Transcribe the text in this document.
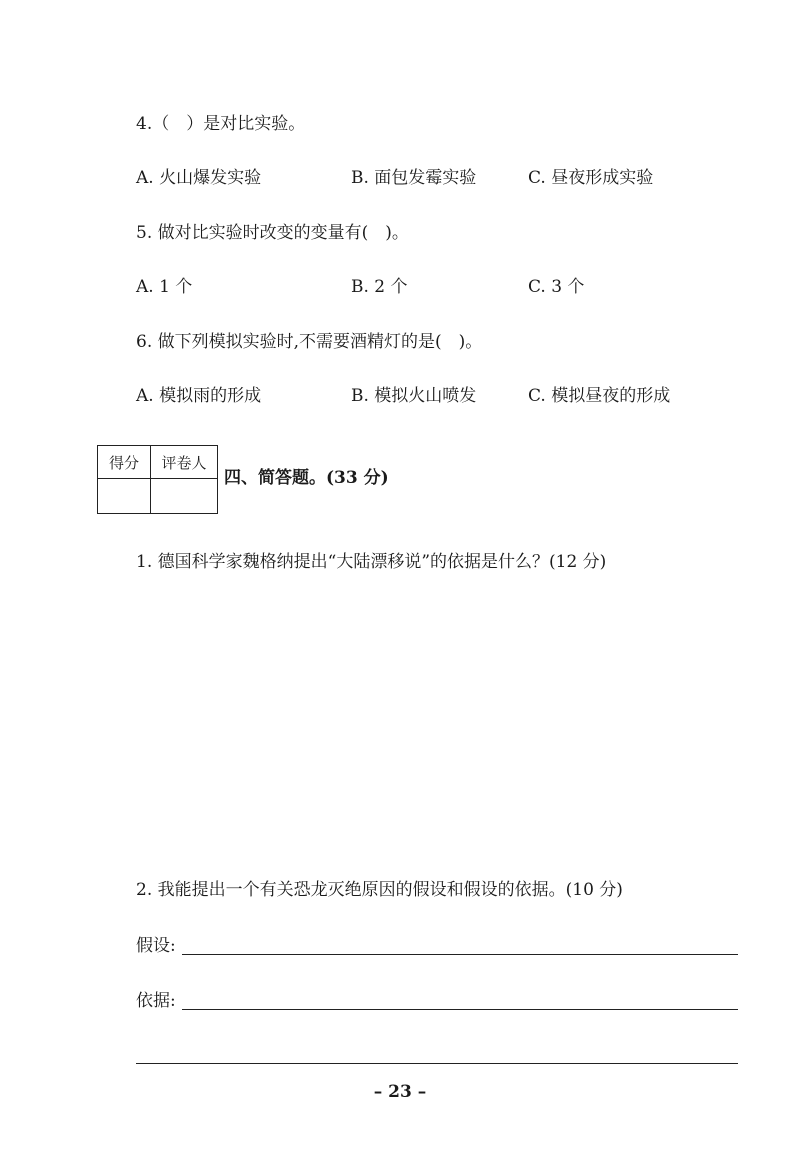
4.（　）是对比实验。
A. 火山爆发实验	B. 面包发霉实验	C. 昼夜形成实验
5. 做对比实验时改变的变量有(　)。
A. 1 个	B. 2 个	C. 3 个
6. 做下列模拟实验时,不需要酒精灯的是(　)。
A. 模拟雨的形成	B. 模拟火山喷发	C. 模拟昼夜的形成
得分	评卷人

四、简答题。(33 分)
1. 德国科学家魏格纳提出“大陆漂移说”的依据是什么？(12 分)
2. 我能提出一个有关恐龙灭绝原因的假设和假设的依据。(10 分)
假设:
依据:
– 23 –
